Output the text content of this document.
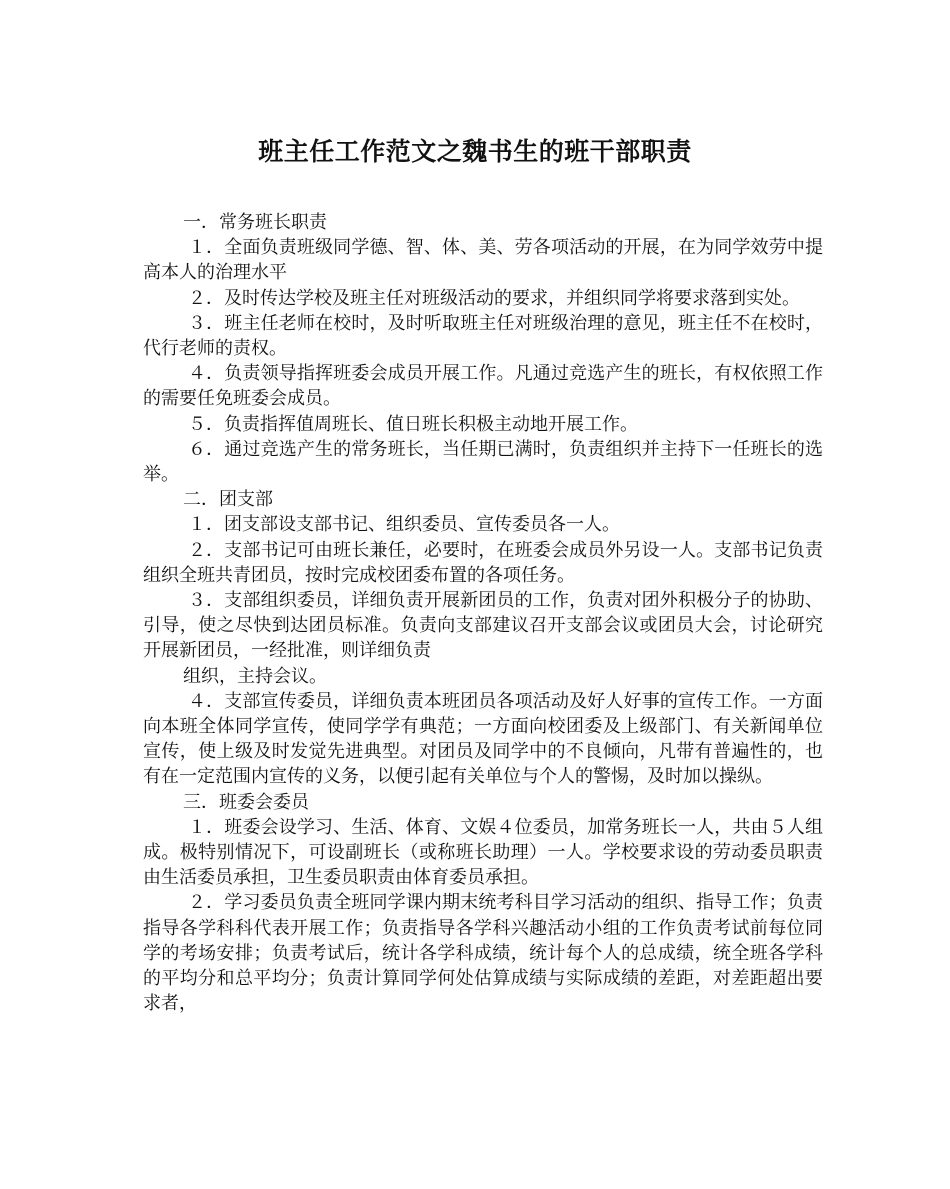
班主任工作范文之魏书生的班干部职责

一．常务班长职责

１．全面负责班级同学德、智、体、美、劳各项活动的开展，在为同学效劳中提高本人的治理水平

２．及时传达学校及班主任对班级活动的要求，并组织同学将要求落到实处。

３．班主任老师在校时，及时听取班主任对班级治理的意见，班主任不在校时，代行老师的责权。

４．负责领导指挥班委会成员开展工作。凡通过竞选产生的班长，有权依照工作的需要任免班委会成员。

５．负责指挥值周班长、值日班长积极主动地开展工作。

６．通过竞选产生的常务班长，当任期已满时，负责组织并主持下一任班长的选举。

二．团支部

１．团支部设支部书记、组织委员、宣传委员各一人。

２．支部书记可由班长兼任，必要时，在班委会成员外另设一人。支部书记负责组织全班共青团员，按时完成校团委布置的各项任务。

３．支部组织委员，详细负责开展新团员的工作，负责对团外积极分子的协助、引导，使之尽快到达团员标准。负责向支部建议召开支部会议或团员大会，讨论研究开展新团员，一经批准，则详细负责

组织，主持会议。

４．支部宣传委员，详细负责本班团员各项活动及好人好事的宣传工作。一方面向本班全体同学宣传，使同学学有典范；一方面向校团委及上级部门、有关新闻单位宣传，使上级及时发觉先进典型。对团员及同学中的不良倾向，凡带有普遍性的，也有在一定范围内宣传的义务，以便引起有关单位与个人的警惕，及时加以操纵。

三．班委会委员

１．班委会设学习、生活、体育、文娱４位委员，加常务班长一人，共由５人组成。极特别情况下，可设副班长（或称班长助理）一人。学校要求设的劳动委员职责由生活委员承担，卫生委员职责由体育委员承担。

２．学习委员负责全班同学课内期末统考科目学习活动的组织、指导工作；负责指导各学科科代表开展工作；负责指导各学科兴趣活动小组的工作负责考试前每位同学的考场安排；负责考试后，统计各学科成绩，统计每个人的总成绩，统全班各学科的平均分和总平均分；负责计算同学何处估算成绩与实际成绩的差距，对差距超出要求者，
